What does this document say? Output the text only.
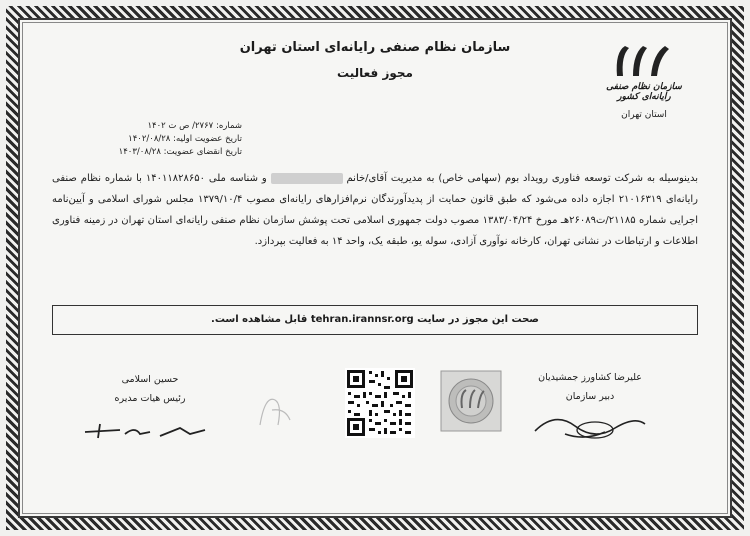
سازمان نظام صنفی رایانه‌ای کشور
استان تهران
سازمان نظام صنفی رایانه‌ای استان تهران
مجوز فعالیت
شماره: ۲۷۶۷/ ص ت ۱۴۰۲
تاریخ عضویت اولیه: ۱۴۰۲/۰۸/۲۸
تاریخ انقضای عضویت: ۱۴۰۳/۰۸/۲۸
بدینوسیله به شرکت توسعه فناوری رویداد بوم (سهامی خاص) به مدیریت آقای/خانم  و شناسه ملی ۱۴۰۱۱۸۲۸۶۵۰ با شماره نظام صنفی رایانه‌ای ۲۱۰۱۶۳۱۹ اجازه داده می‌شود که طبق قانون حمایت از پدیدآورندگان نرم‌افزارهای رایانه‌ای مصوب ۱۳۷۹/۱۰/۴ مجلس شورای اسلامی و آیین‌نامه اجرایی شماره ۲۱۱۸۵/ت۲۶۰۸۹هـ مورخ ۱۳۸۳/۰۴/۲۴ مصوب دولت جمهوری اسلامی تحت پوشش سازمان نظام صنفی رایانه‌ای استان تهران در زمینه فناوری اطلاعات و ارتباطات در نشانی تهران، کارخانه نوآوری آزادی، سوله یو، طبقه یک، واحد ۱۴ به فعالیت بپردازد.
صحت این مجوز در سایت tehran.irannsr.org قابل مشاهده است.
علیرضا کشاورز جمشیدیان
دبیر سازمان
حسین اسلامی
رئیس هیات مدیره
